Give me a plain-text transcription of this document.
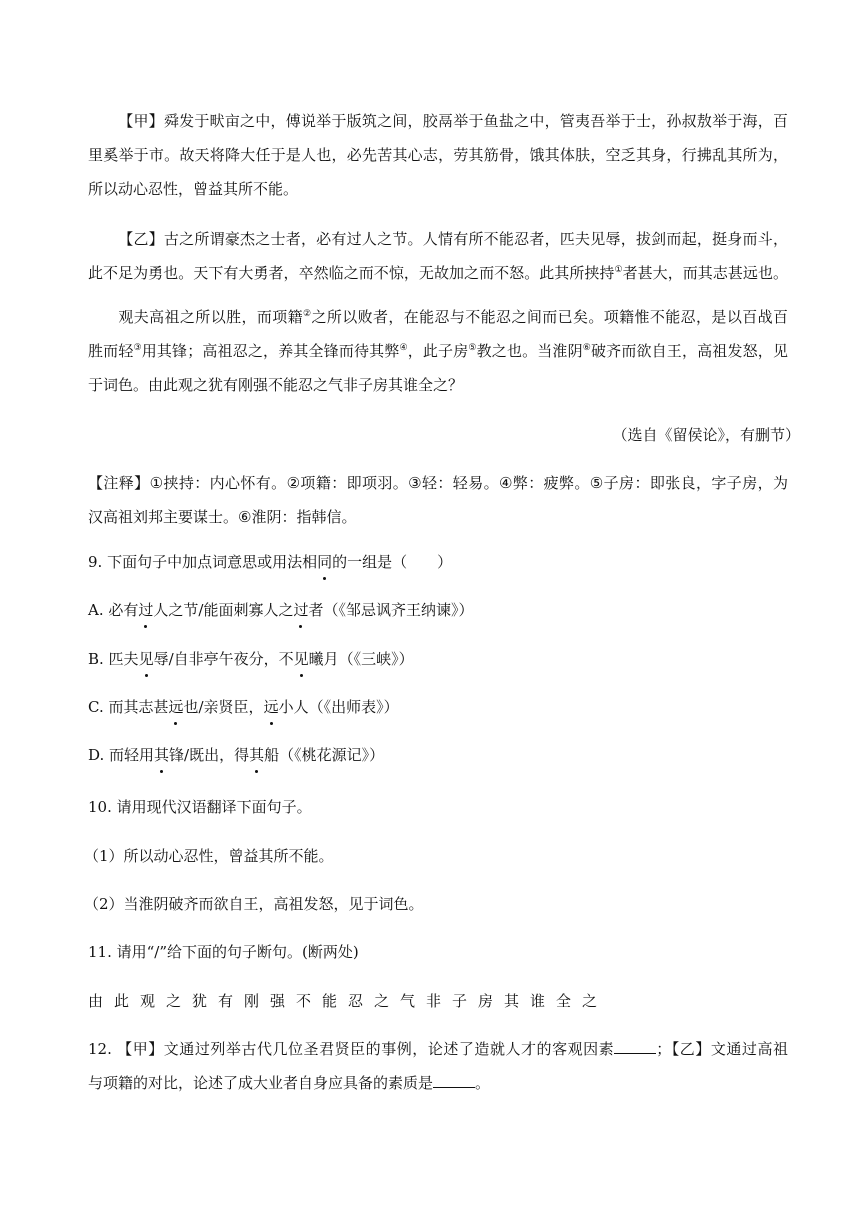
【甲】舜发于畎亩之中，傅说举于版筑之间，胶鬲举于鱼盐之中，管夷吾举于士，孙叔敖举于海，百
里奚举于市。故天将降大任于是人也，必先苦其心志，劳其筋骨，饿其体肤，空乏其身，行拂乱其所为，
所以动心忍性，曾益其所不能。
【乙】古之所谓豪杰之士者，必有过人之节。人情有所不能忍者，匹夫见辱，拔剑而起，挺身而斗，
此不足为勇也。天下有大勇者，卒然临之而不惊，无故加之而不怒。此其所挟持①者甚大，而其志甚远也。
观夫高祖之所以胜，而项籍②之所以败者，在能忍与不能忍之间而已矣。项籍惟不能忍，是以百战百
胜而轻③用其锋；高祖忍之，养其全锋而待其弊④，此子房⑤教之也。当淮阴⑥破齐而欲自王，高祖发怒，见
于词色。由此观之犹有刚强不能忍之气非子房其谁全之？
（选自《留侯论》，有删节）
【注释】①挟持：内心怀有。②项籍：即项羽。③轻：轻易。④弊：疲弊。⑤子房：即张良，字子房，为
汉高祖刘邦主要谋士。⑥淮阴：指韩信。
9. 下面句子中加点词意思或用法相同的一组是（　　）
A. 必有过人之节/能面刺寡人之过者（《邹忌讽齐王纳谏》）
B. 匹夫见辱/自非亭午夜分，不见曦月（《三峡》）
C. 而其志甚远也/亲贤臣，远小人（《出师表》）
D. 而轻用其锋/既出，得其船（《桃花源记》）
10. 请用现代汉语翻译下面句子。
（1）所以动心忍性，曾益其所不能。
（2）当淮阴破齐而欲自王，高祖发怒，见于词色。
11. 请用“/”给下面的句子断句。(断两处)
由此观之犹有刚强不能忍之气非子房其谁全之
12. 【甲】文通过列举古代几位圣君贤臣的事例，论述了造就人才的客观因素	；【乙】文通过高祖
与项籍的对比，论述了成大业者自身应具备的素质是	。
